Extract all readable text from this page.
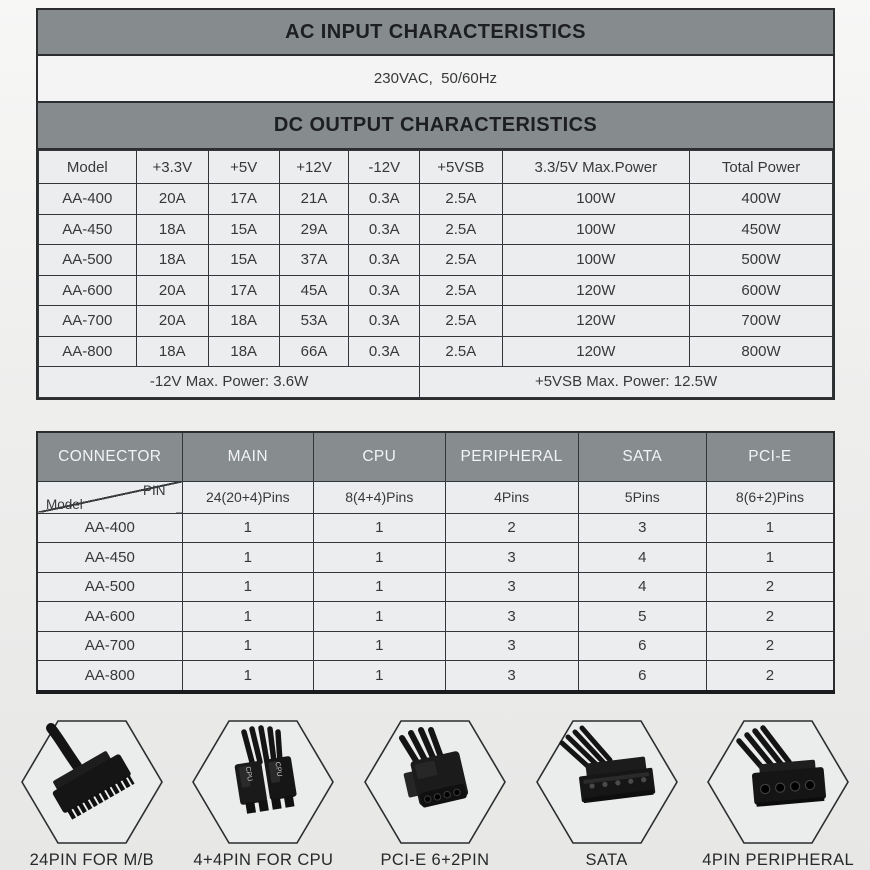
AC INPUT CHARACTERISTICS
230VAC,  50/60Hz
DC OUTPUT CHARACTERISTICS
Model	+3.3V	+5V	+12V	-12V	+5VSB	3.3/5V Max.Power	Total Power
AA-400	20A	17A	21A	0.3A	2.5A	100W	400W
AA-450	18A	15A	29A	0.3A	2.5A	100W	450W
AA-500	18A	15A	37A	0.3A	2.5A	100W	500W
AA-600	20A	17A	45A	0.3A	2.5A	120W	600W
AA-700	20A	18A	53A	0.3A	2.5A	120W	700W
AA-800	18A	18A	66A	0.3A	2.5A	120W	800W
-12V Max. Power: 3.6W					+5VSB Max. Power: 12.5W		
CONNECTOR	MAIN	CPU	PERIPHERAL	SATA	PCI-E

PIN
Model	24(20+4)Pins	8(4+4)Pins	4Pins	5Pins	8(6+2)Pins
AA-400	1	1	2	3	1
AA-450	1	1	3	4	1
AA-500	1	1	3	4	2
AA-600	1	1	3	5	2
AA-700	1	1	3	6	2
AA-800	1	1	3	6	2
24PIN FOR M/B
CPU	CPU
4+4PIN FOR CPU	PCI-E 6+2PIN	SATA	4PIN PERIPHERAL
